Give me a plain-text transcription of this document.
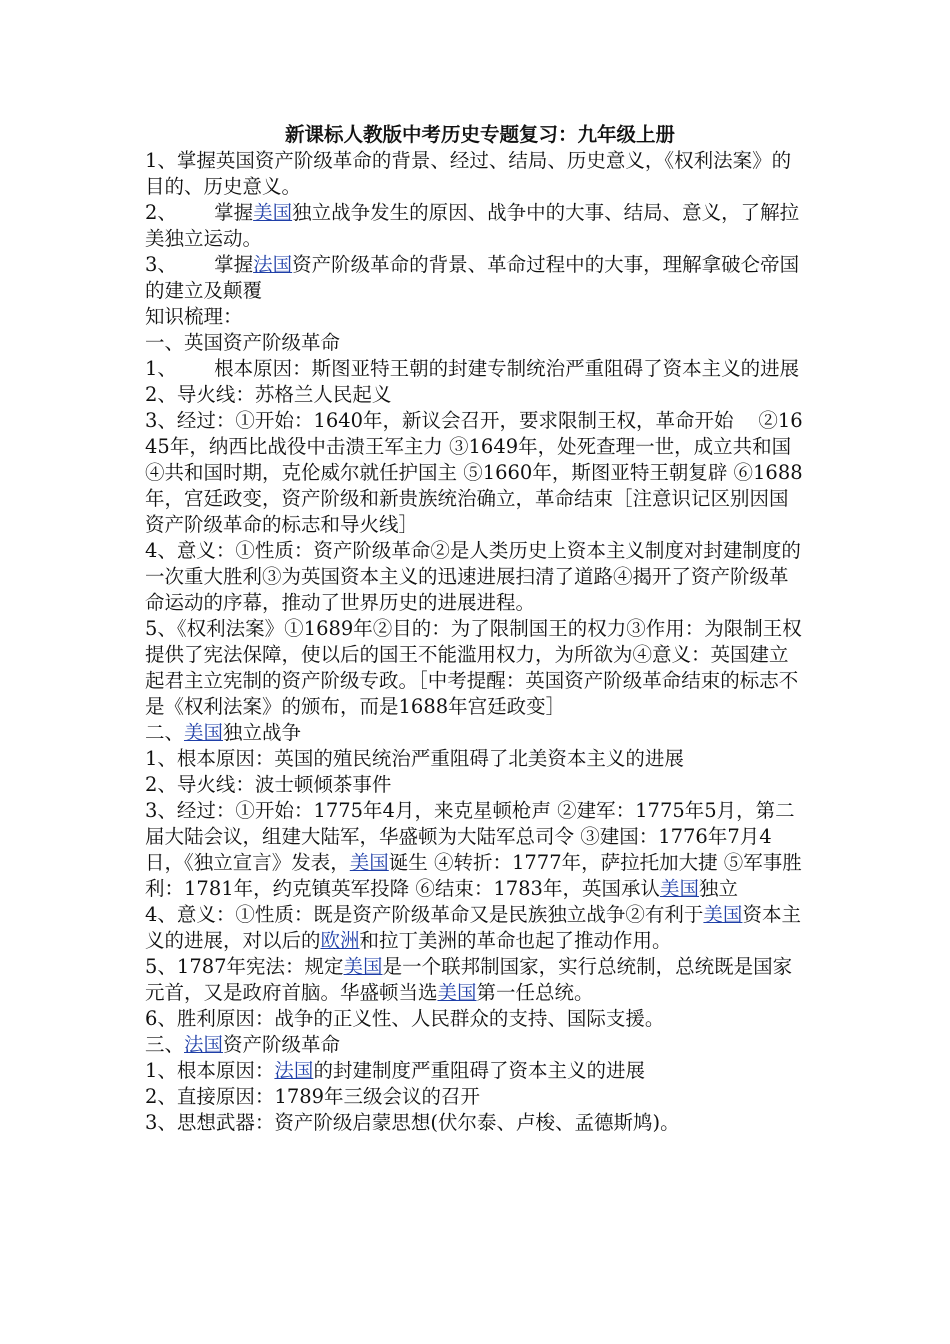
新课标人教版中考历史专题复习：九年级上册

1、掌握英国资产阶级革命的背景、经过、结局、历史意义，《权利法案》的目的、历史意义。

2、      掌握美国独立战争发生的原因、战争中的大事、结局、意义，了解拉美独立运动。

3、      掌握法国资产阶级革命的背景、革命过程中的大事，理解拿破仑帝国的建立及颠覆

知识梳理：

一、英国资产阶级革命

1、      根本原因：斯图亚特王朝的封建专制统治严重阻碍了资本主义的进展

2、导火线：苏格兰人民起义

3、经过：①开始：1640年，新议会召开，要求限制王权，革命开始    ②1645年，纳西比战役中击溃王军主力 ③1649年，处死查理一世，成立共和国 ④共和国时期，克伦威尔就任护国主 ⑤1660年，斯图亚特王朝复辟 ⑥1688年，宫廷政变，资产阶级和新贵族统治确立，革命结束［注意识记区别因国资产阶级革命的标志和导火线］

4、意义：①性质：资产阶级革命②是人类历史上资本主义制度对封建制度的一次重大胜利③为英国资本主义的迅速进展扫清了道路④揭开了资产阶级革命运动的序幕，推动了世界历史的进展进程。

5、《权利法案》①1689年②目的：为了限制国王的权力③作用：为限制王权提供了宪法保障，使以后的国王不能滥用权力，为所欲为④意义：英国建立起君主立宪制的资产阶级专政。［中考提醒：英国资产阶级革命结束的标志不是《权利法案》的颁布，而是1688年宫廷政变］

二、美国独立战争

1、根本原因：英国的殖民统治严重阻碍了北美资本主义的进展

2、导火线：波士顿倾茶事件

3、经过：①开始：1775年4月，来克星顿枪声 ②建军：1775年5月，第二届大陆会议，组建大陆军，华盛顿为大陆军总司令 ③建国：1776年7月4日，《独立宣言》发表，美国诞生 ④转折：1777年，萨拉托加大捷 ⑤军事胜利：1781年，约克镇英军投降 ⑥结束：1783年，英国承认美国独立

4、意义：①性质：既是资产阶级革命又是民族独立战争②有利于美国资本主义的进展，对以后的欧洲和拉丁美洲的革命也起了推动作用。

5、1787年宪法：规定美国是一个联邦制国家，实行总统制，总统既是国家元首，又是政府首脑。华盛顿当选美国第一任总统。

6、胜利原因：战争的正义性、人民群众的支持、国际支援。

三、法国资产阶级革命

1、根本原因：法国的封建制度严重阻碍了资本主义的进展

2、直接原因：1789年三级会议的召开

3、思想武器：资产阶级启蒙思想(伏尔泰、卢梭、孟德斯鸠)。
